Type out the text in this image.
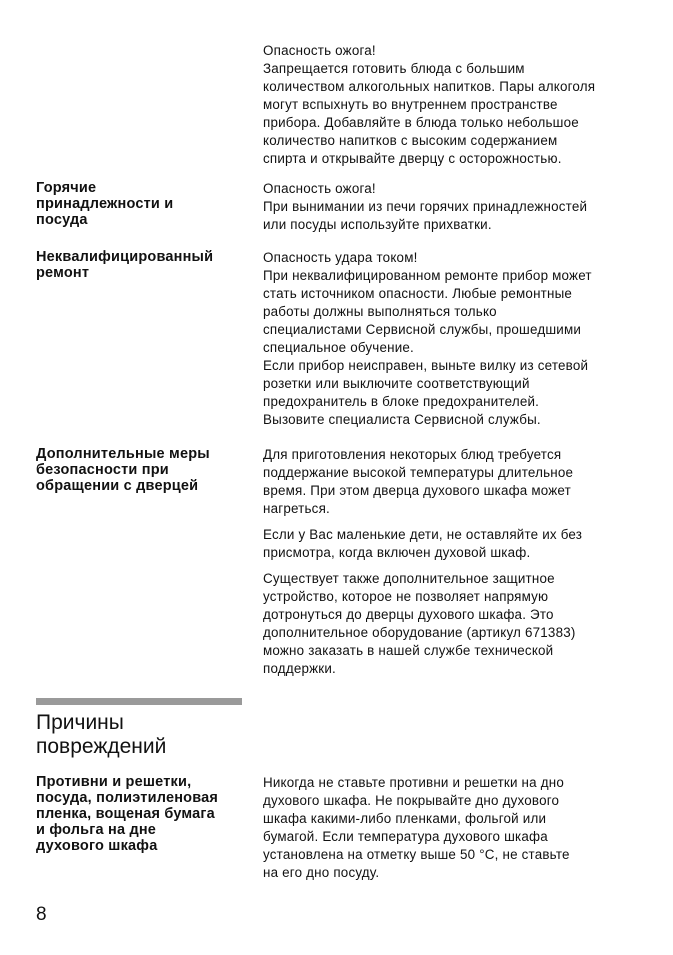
Опасность ожога!
Запрещается готовить блюда с большим
количеством алкогольных напитков. Пары алкоголя
могут вспыхнуть во внутреннем пространстве
прибора. Добавляйте в блюда только небольшое
количество напитков с высоким содержанием
спирта и открывайте дверцу с осторожностью.
Горячие
принадлежности и
посуда
Опасность ожога!
При вынимании из печи горячих принадлежностей
или посуды используйте прихватки.
Неквалифицированный
ремонт
Опасность удара током!
При неквалифицированном ремонте прибор может
стать источником опасности. Любые ремонтные
работы должны выполняться только
специалистами Сервисной службы, прошедшими
специальное обучение.
Если прибор неисправен, выньте вилку из сетевой
розетки или выключите соответствующий
предохранитель в блоке предохранителей.
Вызовите специалиста Сервисной службы.
Дополнительные меры
безопасности при
обращении с дверцей
Для приготовления некоторых блюд требуется
поддержание высокой температуры длительное
время. При этом дверца духового шкафа может
нагреться.
Если у Вас маленькие дети, не оставляйте их без
присмотра, когда включен духовой шкаф.
Существует также дополнительное защитное
устройство, которое не позволяет напрямую
дотронуться до дверцы духового шкафа. Это
дополнительное оборудование (артикул 671383)
можно заказать в нашей службе технической
поддержки.
Причины
повреждений
Противни и решетки,
посуда, полиэтиленовая
пленка, вощеная бумага
и фольга на дне
духового шкафа
Никогда не ставьте противни и решетки на дно
духового шкафа. Не покрывайте дно духового
шкафа какими-либо пленками, фольгой или
бумагой. Если температура духового шкафа
установлена на отметку выше 50 °С, не ставьте
на его дно посуду.
8
